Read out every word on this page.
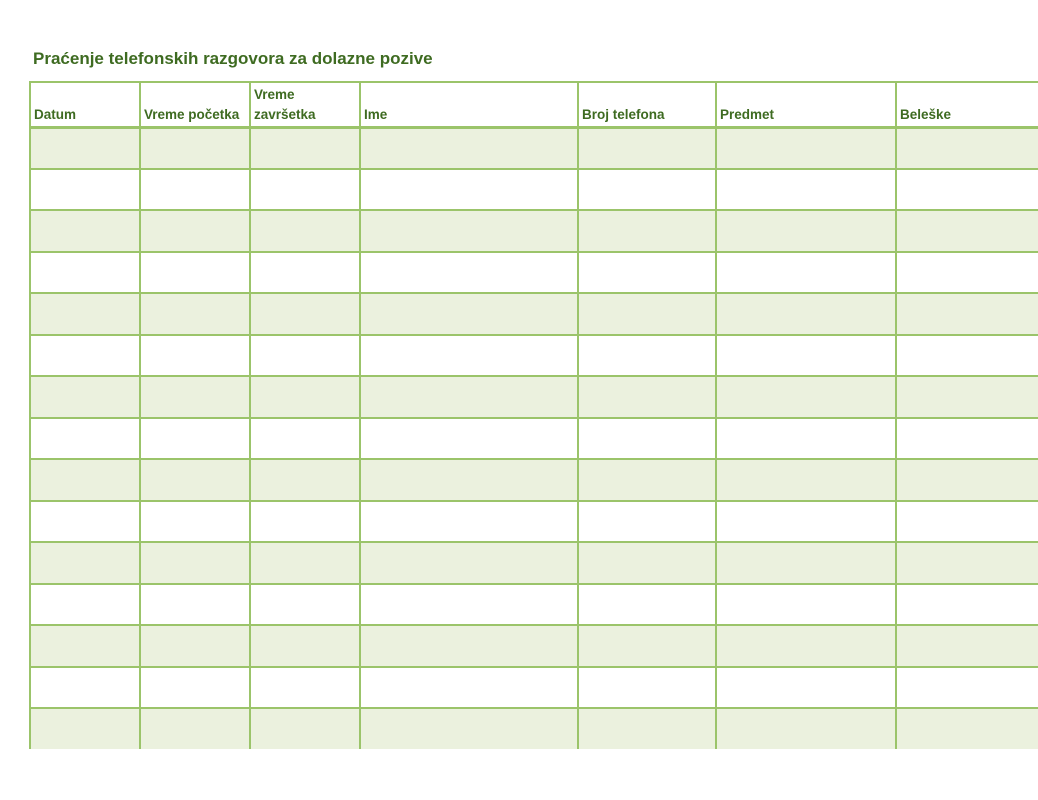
Praćenje telefonskih razgovora za dolazne pozive
Datum	Vreme početka	Vreme završetka	Ime	Broj telefona	Predmet	Beleške
